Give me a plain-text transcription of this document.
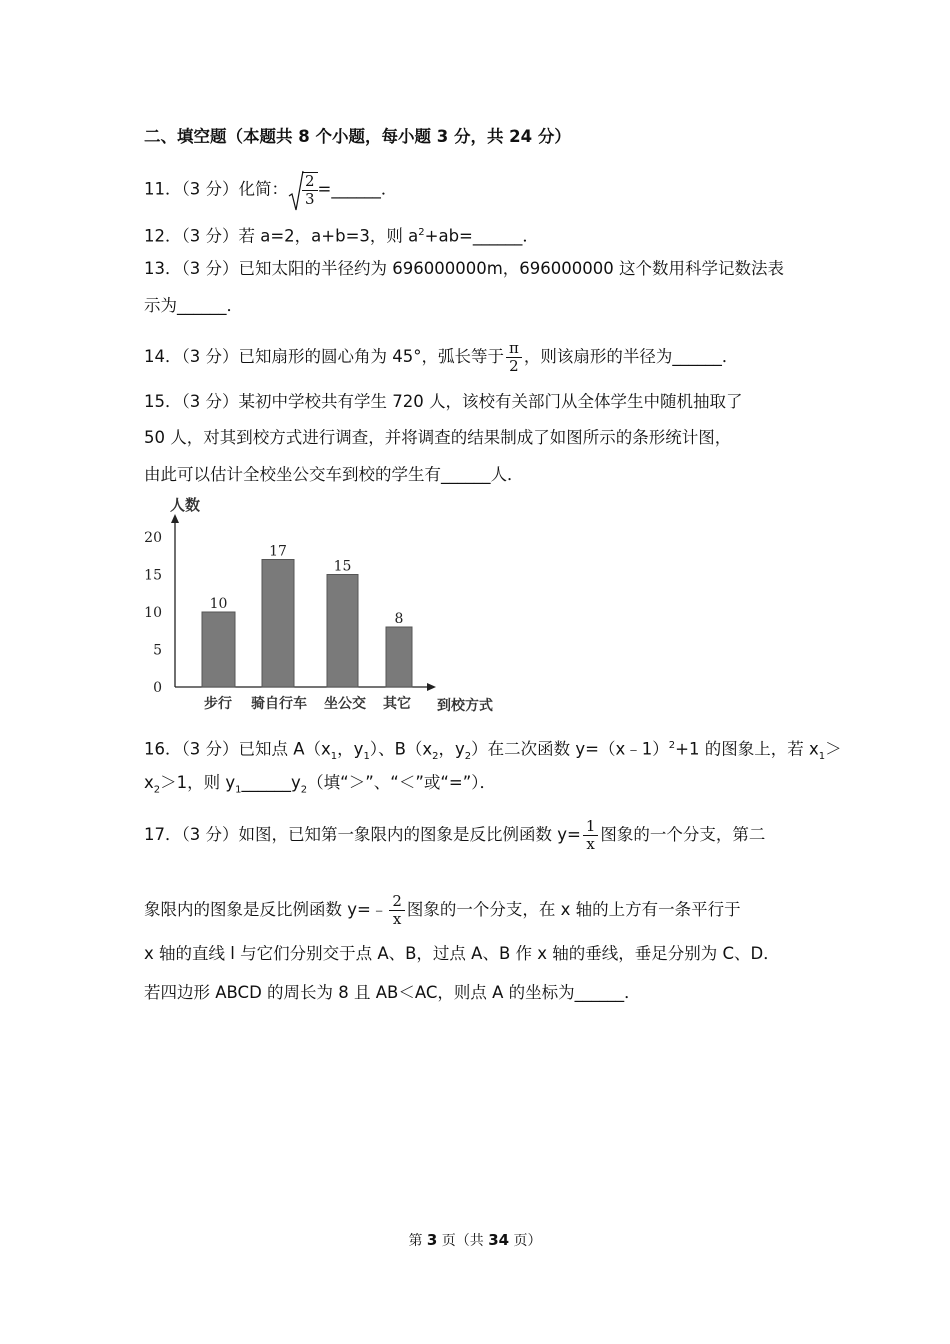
二、填空题（本题共 8 个小题，每小题 3 分，共 24 分）
11．（3 分）化简： $\frac{2}{3}$ =______．
12．（3 分）若 a=2，a+b=3，则 $a^2+ab=\_\_\_\_\_\_$．
13．（3 分）已知太阳的半径约为 696000000m，696000000 这个数用科学记数法表
示为______．
14．（3 分）已知扇形的圆心角为 45°，弧长等于 $\frac{\pi}{2}$ ，则该扇形的半径为______．
15．（3 分）某初中学校共有学生 720 人，该校有关部门从全体学生中随机抽取了
50 人，对其到校方式进行调查，并将调查的结果制成了如图所示的条形统计图，
由此可以估计全校坐公交车到校的学生有______人．
人数
0
5
10
15
20
10
步行
17
骑自行车
15
坐公交
8
其它 到校方式
16．（3 分）已知点 $A(x_1$，$y_1$）、$B(x_2$，$y_2$）在二次函数 y=（x﹣1）$^2$+1 的图象上，若 $x_1>$
$x_2>1$，则 $y_1\_\_\_\_\_\_y_2$（填“＞”、“＜”或“=”）．
17．（3 分）如图，已知第一象限内的图象是反比例函数 $y= \frac{1}{x}$ 图象的一个分支，第二
象限内的图象是反比例函数 y=﹣ $\frac{2}{x}$ 图象的一个分支，在 x 轴的上方有一条平行于
x 轴的直线 l 与它们分别交于点 A、B，过点 A、B 作 x 轴的垂线，垂足分别为 C、D．
若四边形 ABCD 的周长为 8 且 AB＜AC，则点 A 的坐标为______．
第 3 页（共 34 页）
